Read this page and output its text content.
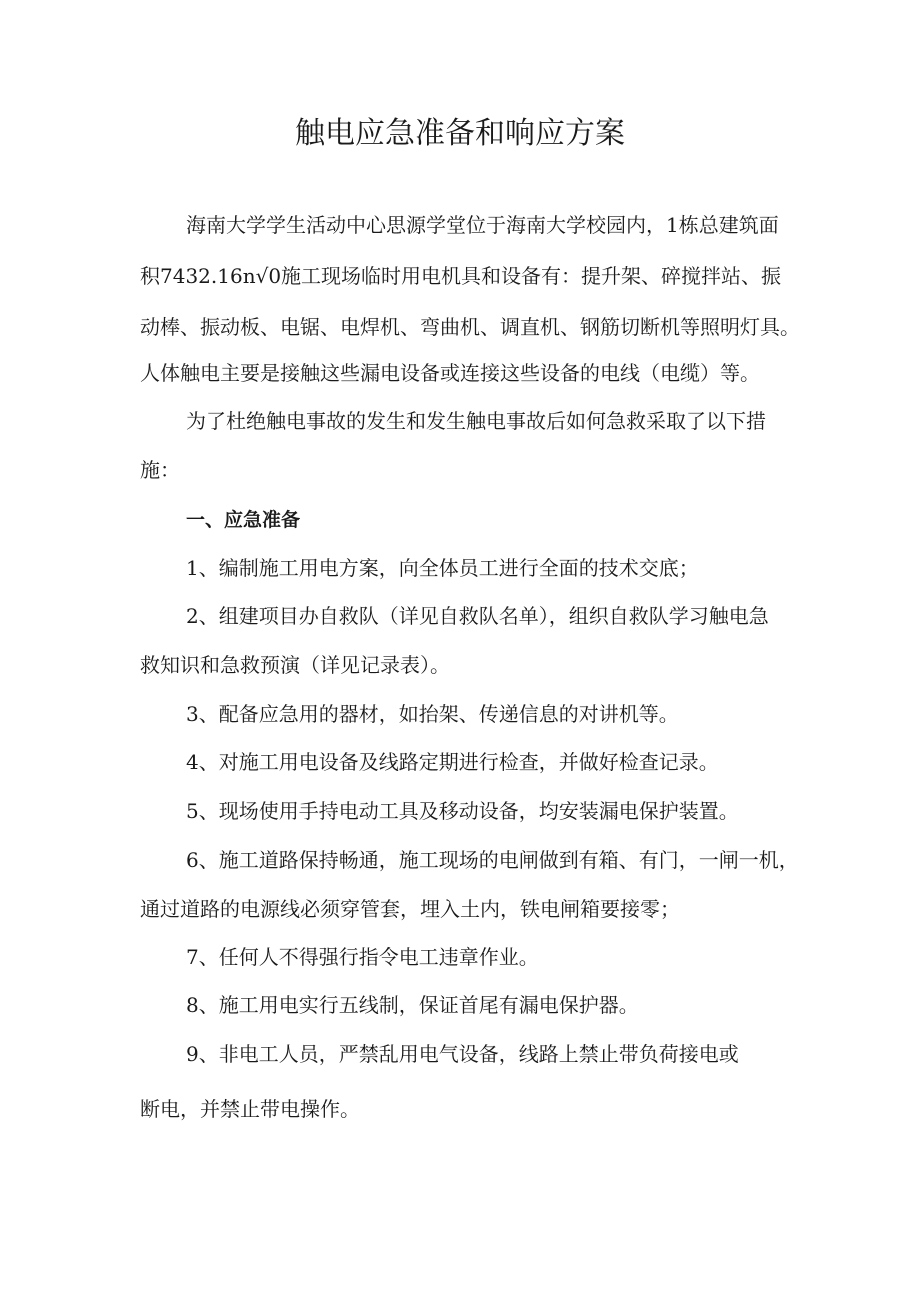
触电应急准备和响应方案

海南大学学生活动中心思源学堂位于海南大学校园内，1栋总建筑面

积7432.16n√0施工现场临时用电机具和设备有：提升架、碎搅拌站、振

动棒、振动板、电锯、电焊机、弯曲机、调直机、钢筋切断机等照明灯具。

人体触电主要是接触这些漏电设备或连接这些设备的电线（电缆）等。

为了杜绝触电事故的发生和发生触电事故后如何急救采取了以下措

施：

一、应急准备

1、编制施工用电方案，向全体员工进行全面的技术交底；

2、组建项目办自救队（详见自救队名单），组织自救队学习触电急

救知识和急救预演（详见记录表）。

3、配备应急用的器材，如抬架、传递信息的对讲机等。

4、对施工用电设备及线路定期进行检查，并做好检查记录。

5、现场使用手持电动工具及移动设备，均安装漏电保护装置。

6、施工道路保持畅通，施工现场的电闸做到有箱、有门，一闸一机，

通过道路的电源线必须穿管套，埋入土内，铁电闸箱要接零；

7、任何人不得强行指令电工违章作业。

8、施工用电实行五线制，保证首尾有漏电保护器。

9、非电工人员，严禁乱用电气设备，线路上禁止带负荷接电或

断电，并禁止带电操作。
